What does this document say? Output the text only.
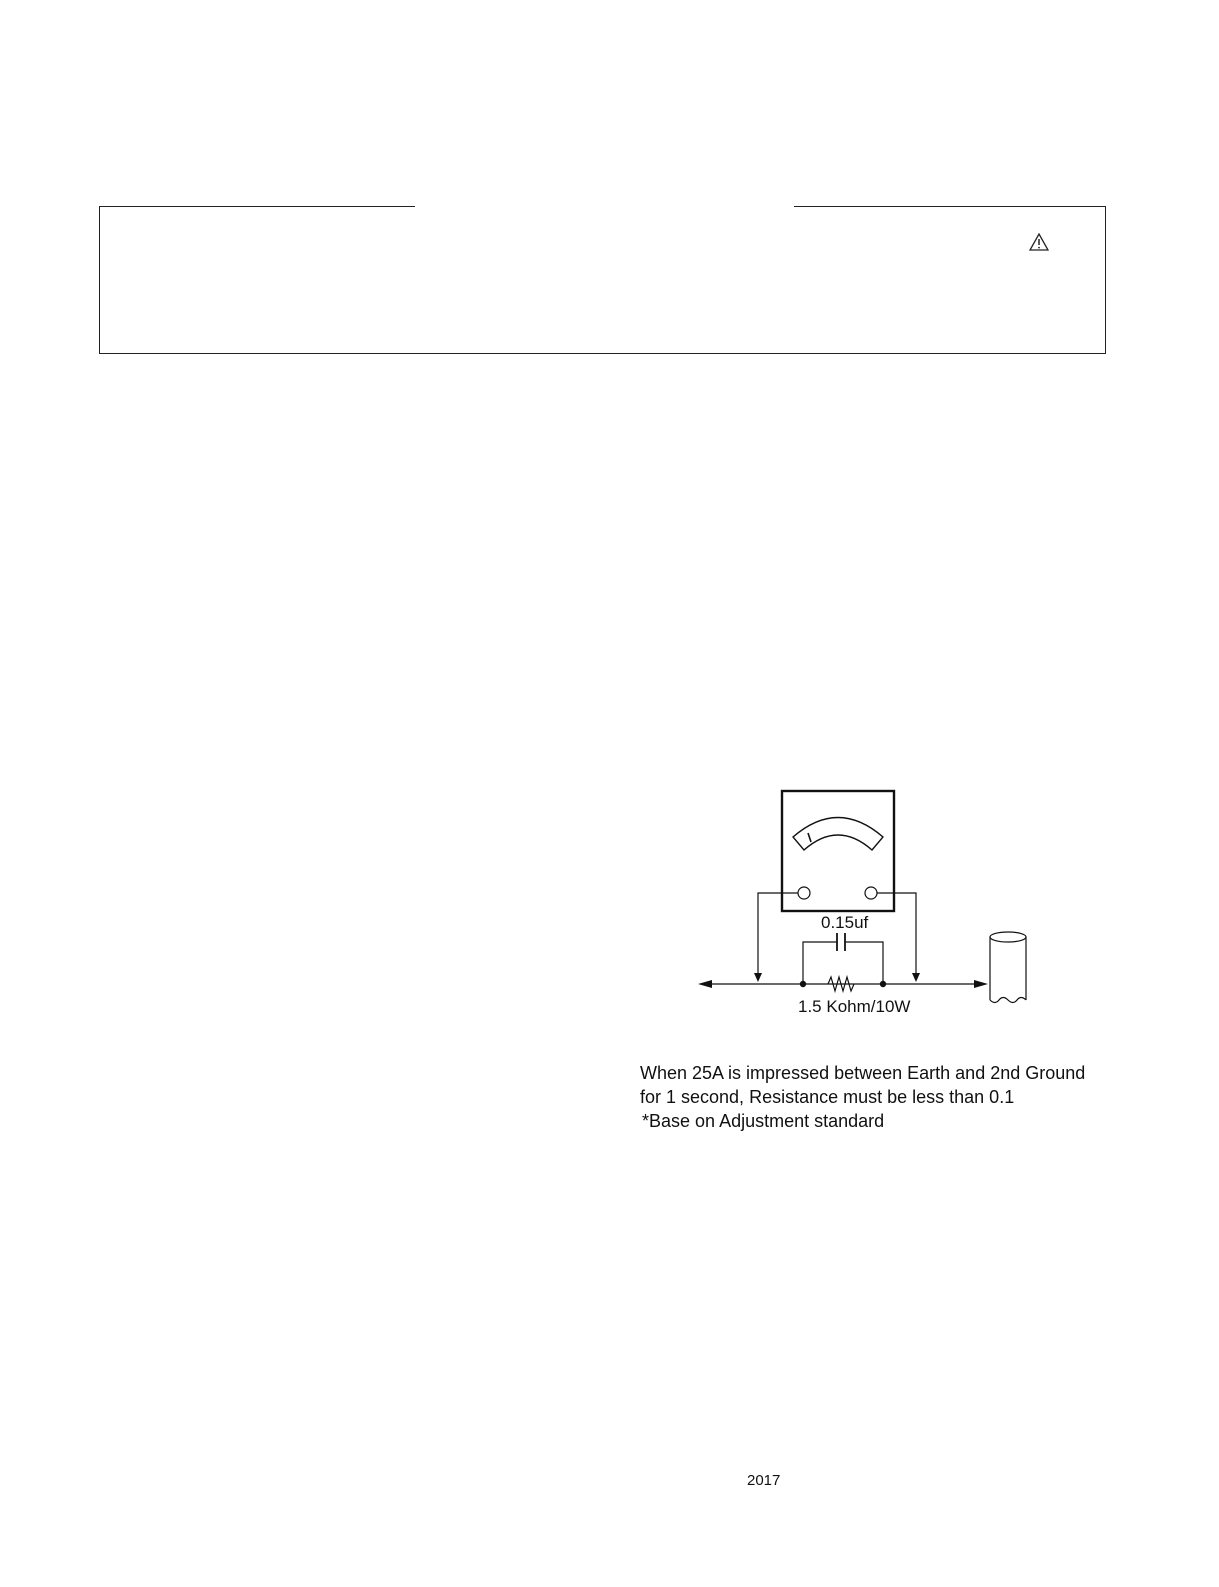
0.15uf
1.5 Kohm/10W
When 25A is impressed between Earth and 2nd Ground
for 1 second, Resistance must be less than 0.1
*Base on Adjustment standard
2017
